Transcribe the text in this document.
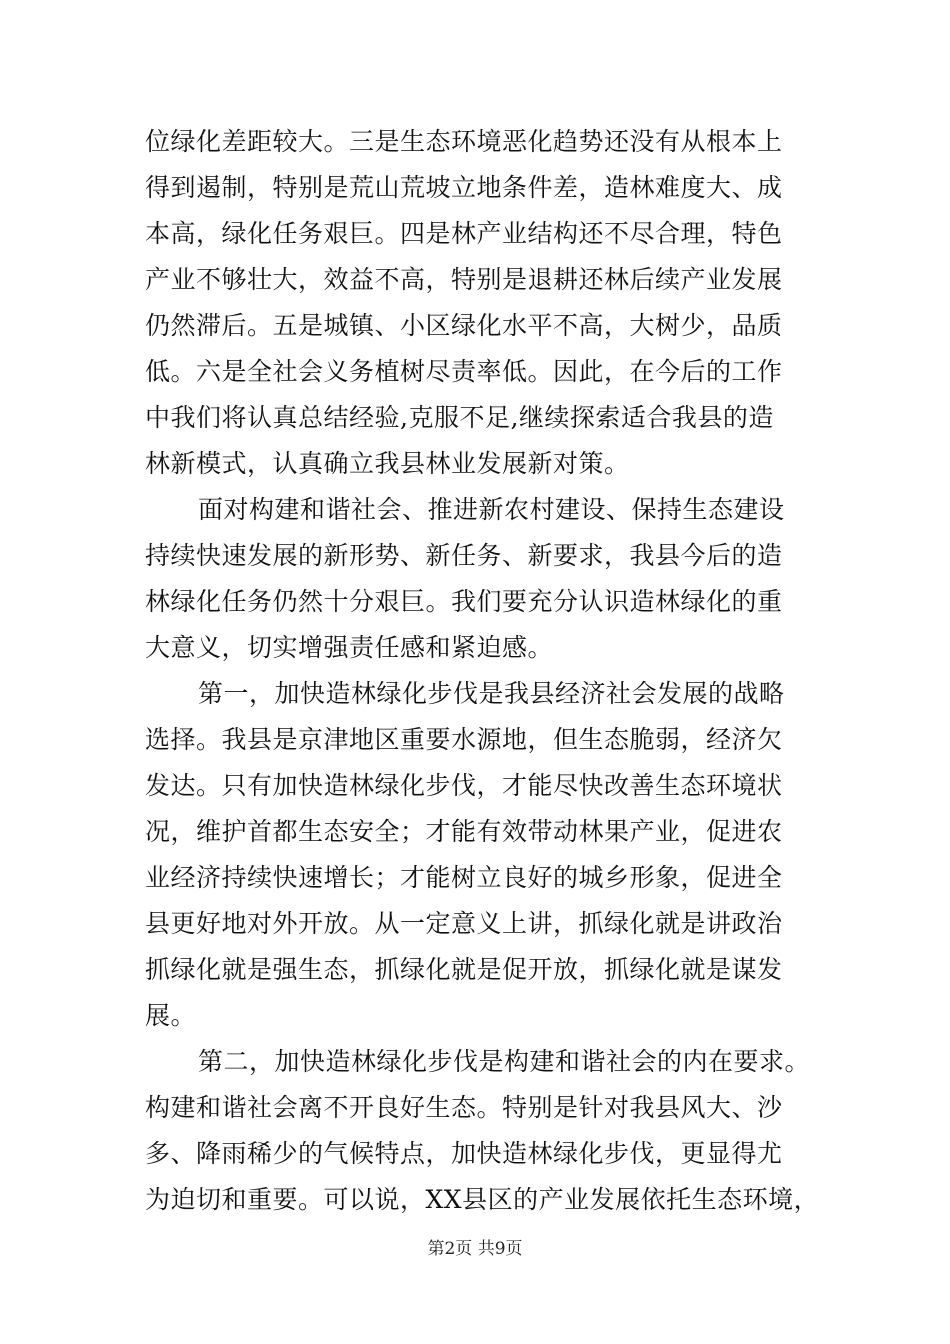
位绿化差距较大。三是生态环境恶化趋势还没有从根本上
得到遏制，特别是荒山荒坡立地条件差，造林难度大、成
本高，绿化任务艰巨。四是林产业结构还不尽合理，特色
产业不够壮大，效益不高，特别是退耕还林后续产业发展
仍然滞后。五是城镇、小区绿化水平不高，大树少，品质
低。六是全社会义务植树尽责率低。因此，在今后的工作
中我们将认真总结经验,克服不足,继续探索适合我县的造
林新模式，认真确立我县林业发展新对策。
面对构建和谐社会、推进新农村建设、保持生态建设
持续快速发展的新形势、新任务、新要求，我县今后的造
林绿化任务仍然十分艰巨。我们要充分认识造林绿化的重
大意义，切实增强责任感和紧迫感。
第一，加快造林绿化步伐是我县经济社会发展的战略
选择。我县是京津地区重要水源地，但生态脆弱，经济欠
发达。只有加快造林绿化步伐，才能尽快改善生态环境状
况，维护首都生态安全；才能有效带动林果产业，促进农
业经济持续快速增长；才能树立良好的城乡形象，促进全
县更好地对外开放。从一定意义上讲，抓绿化就是讲政治
抓绿化就是强生态，抓绿化就是促开放，抓绿化就是谋发
展。
第二，加快造林绿化步伐是构建和谐社会的内在要求。
构建和谐社会离不开良好生态。特别是针对我县风大、沙
多、降雨稀少的气候特点，加快造林绿化步伐，更显得尤
为迫切和重要。可以说，XX县区的产业发展依托生态环境，
第2页 共9页
